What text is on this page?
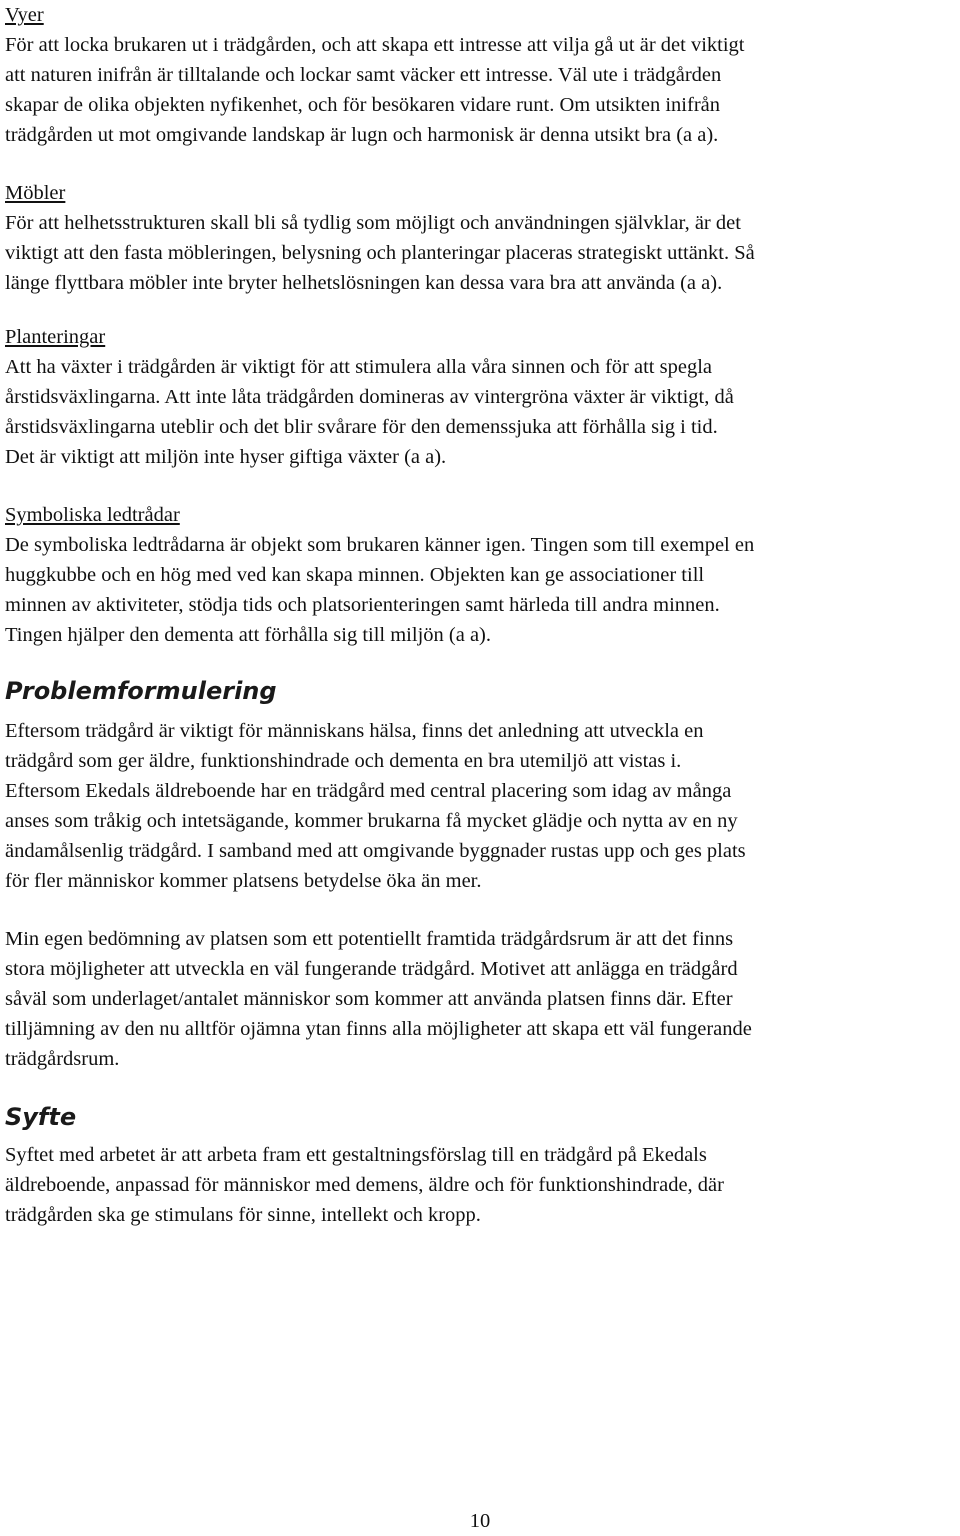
Vyer

För att locka brukaren ut i trädgården, och att skapa ett intresse att vilja gå ut är det viktigt

att naturen inifrån är tilltalande och lockar samt väcker ett intresse. Väl ute i trädgården

skapar de olika objekten nyfikenhet, och för besökaren vidare runt. Om utsikten inifrån

trädgården ut mot omgivande landskap är lugn och harmonisk är denna utsikt bra (a a).

Möbler

För att helhetsstrukturen skall bli så tydlig som möjligt och användningen självklar, är det

viktigt att den fasta möbleringen, belysning och planteringar placeras strategiskt uttänkt. Så

länge flyttbara möbler inte bryter helhetslösningen kan dessa vara bra att använda (a a).

Planteringar

Att ha växter i trädgården är viktigt för att stimulera alla våra sinnen och för att spegla

årstidsväxlingarna. Att inte låta trädgården domineras av vintergröna växter är viktigt, då

årstidsväxlingarna uteblir och det blir svårare för den demenssjuka att förhålla sig i tid.

Det är viktigt att miljön inte hyser giftiga växter (a a).

Symboliska ledtrådar

De symboliska ledtrådarna är objekt som brukaren känner igen. Tingen som till exempel en

huggkubbe och en hög med ved kan skapa minnen. Objekten kan ge associationer till

minnen av aktiviteter, stödja tids och platsorienteringen samt härleda till andra minnen.

Tingen hjälper den dementa att förhålla sig till miljön (a a).

Problemformulering

Eftersom trädgård är viktigt för människans hälsa, finns det anledning att utveckla en

trädgård som ger äldre, funktionshindrade och dementa en bra utemiljö att vistas i.

Eftersom Ekedals äldreboende har en trädgård med central placering som idag av många

anses som tråkig och intetsägande, kommer brukarna få mycket glädje och nytta av en ny

ändamålsenlig trädgård. I samband med att omgivande byggnader rustas upp och ges plats

för fler människor kommer platsens betydelse öka än mer.

Min egen bedömning av platsen som ett potentiellt framtida trädgårdsrum är att det finns

stora möjligheter att utveckla en väl fungerande trädgård. Motivet att anlägga en trädgård

såväl som underlaget/antalet människor som kommer att använda platsen finns där. Efter

tilljämning av den nu alltför ojämna ytan finns alla möjligheter att skapa ett väl fungerande

trädgårdsrum.

Syfte

Syftet med arbetet är att arbeta fram ett gestaltningsförslag till en trädgård på Ekedals

äldreboende, anpassad för människor med demens, äldre och för funktionshindrade, där

trädgården ska ge stimulans för sinne, intellekt och kropp.

10
